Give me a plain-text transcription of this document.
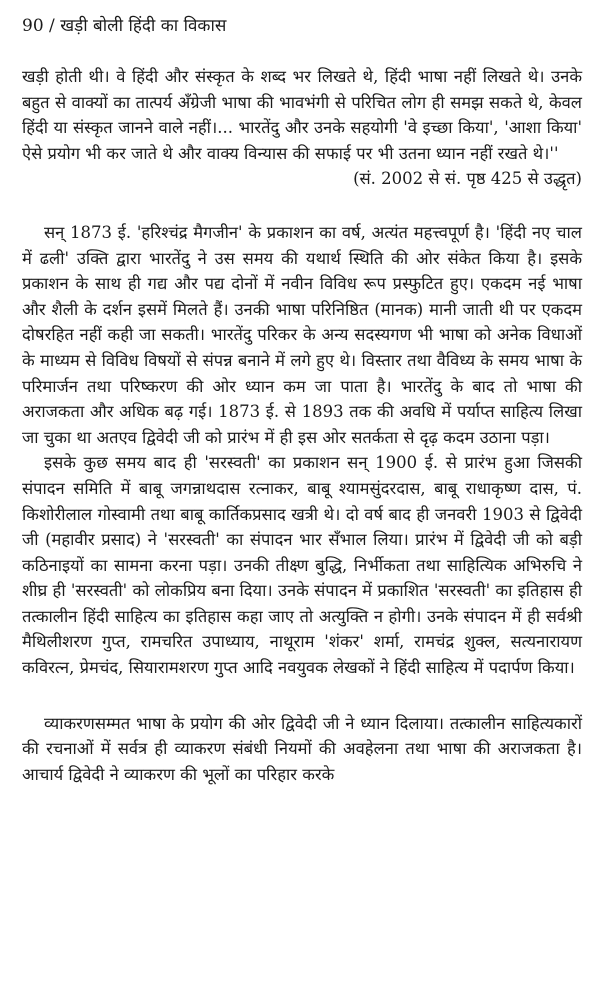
90 / खड़ी बोली हिंदी का विकास

खड़ी होती थी। वे हिंदी और संस्कृत के शब्द भर लिखते थे, हिंदी भाषा नहीं लिखते थे। उनके बहुत से वाक्यों का तात्पर्य अँग्रेजी भाषा की भावभंगी से परिचित लोग ही समझ सकते थे, केवल हिंदी या संस्कृत जानने वाले नहीं।... भारतेंदु और उनके सहयोगी 'वे इच्छा किया', 'आशा किया' ऐसे प्रयोग भी कर जाते थे और वाक्य विन्यास की सफाई पर भी उतना ध्यान नहीं रखते थे।''

(सं. 2002 से सं. पृष्ठ 425 से उद्धृत)

सन् 1873 ई. 'हरिश्चंद्र मैगजीन' के प्रकाशन का वर्ष, अत्यंत महत्त्वपूर्ण है। 'हिंदी नए चाल में ढली' उक्ति द्वारा भारतेंदु ने उस समय की यथार्थ स्थिति की ओर संकेत किया है। इसके प्रकाशन के साथ ही गद्य और पद्य दोनों में नवीन विविध रूप प्रस्फुटित हुए। एकदम नई भाषा और शैली के दर्शन इसमें मिलते हैं। उनकी भाषा परिनिष्ठित (मानक) मानी जाती थी पर एकदम दोषरहित नहीं कही जा सकती। भारतेंदु परिकर के अन्य सदस्यगण भी भाषा को अनेक विधाओं के माध्यम से विविध विषयों से संपन्न बनाने में लगे हुए थे। विस्तार तथा वैविध्य के समय भाषा के परिमार्जन तथा परिष्करण की ओर ध्यान कम जा पाता है। भारतेंदु के बाद तो भाषा की अराजकता और अधिक बढ़ गई। 1873 ई. से 1893 तक की अवधि में पर्याप्त साहित्य लिखा जा चुका था अतएव द्विवेदी जी को प्रारंभ में ही इस ओर सतर्कता से दृढ़ कदम उठाना पड़ा।

इसके कुछ समय बाद ही 'सरस्वती' का प्रकाशन सन् 1900 ई. से प्रारंभ हुआ जिसकी संपादन समिति में बाबू जगन्नाथदास रत्नाकर, बाबू श्यामसुंदरदास, बाबू राधाकृष्ण दास, पं. किशोरीलाल गोस्वामी तथा बाबू कार्तिकप्रसाद खत्री थे। दो वर्ष बाद ही जनवरी 1903 से द्विवेदी जी (महावीर प्रसाद) ने 'सरस्वती' का संपादन भार सँभाल लिया। प्रारंभ में द्विवेदी जी को बड़ी कठिनाइयों का सामना करना पड़ा। उनकी तीक्ष्ण बुद्धि, निर्भीकता तथा साहित्यिक अभिरुचि ने शीघ्र ही 'सरस्वती' को लोकप्रिय बना दिया। उनके संपादन में प्रकाशित 'सरस्वती' का इतिहास ही तत्कालीन हिंदी साहित्य का इतिहास कहा जाए तो अत्युक्ति न होगी। उनके संपादन में ही सर्वश्री मैथिलीशरण गुप्त, रामचरित उपाध्याय, नाथूराम 'शंकर' शर्मा, रामचंद्र शुक्ल, सत्यनारायण कविरत्न, प्रेमचंद, सियारामशरण गुप्त आदि नवयुवक लेखकों ने हिंदी साहित्य में पदार्पण किया।

व्याकरणसम्मत भाषा के प्रयोग की ओर द्विवेदी जी ने ध्यान दिलाया। तत्कालीन साहित्यकारों की रचनाओं में सर्वत्र ही व्याकरण संबंधी नियमों की अवहेलना तथा भाषा की अराजकता है। आचार्य द्विवेदी ने व्याकरण की भूलों का परिहार करके
